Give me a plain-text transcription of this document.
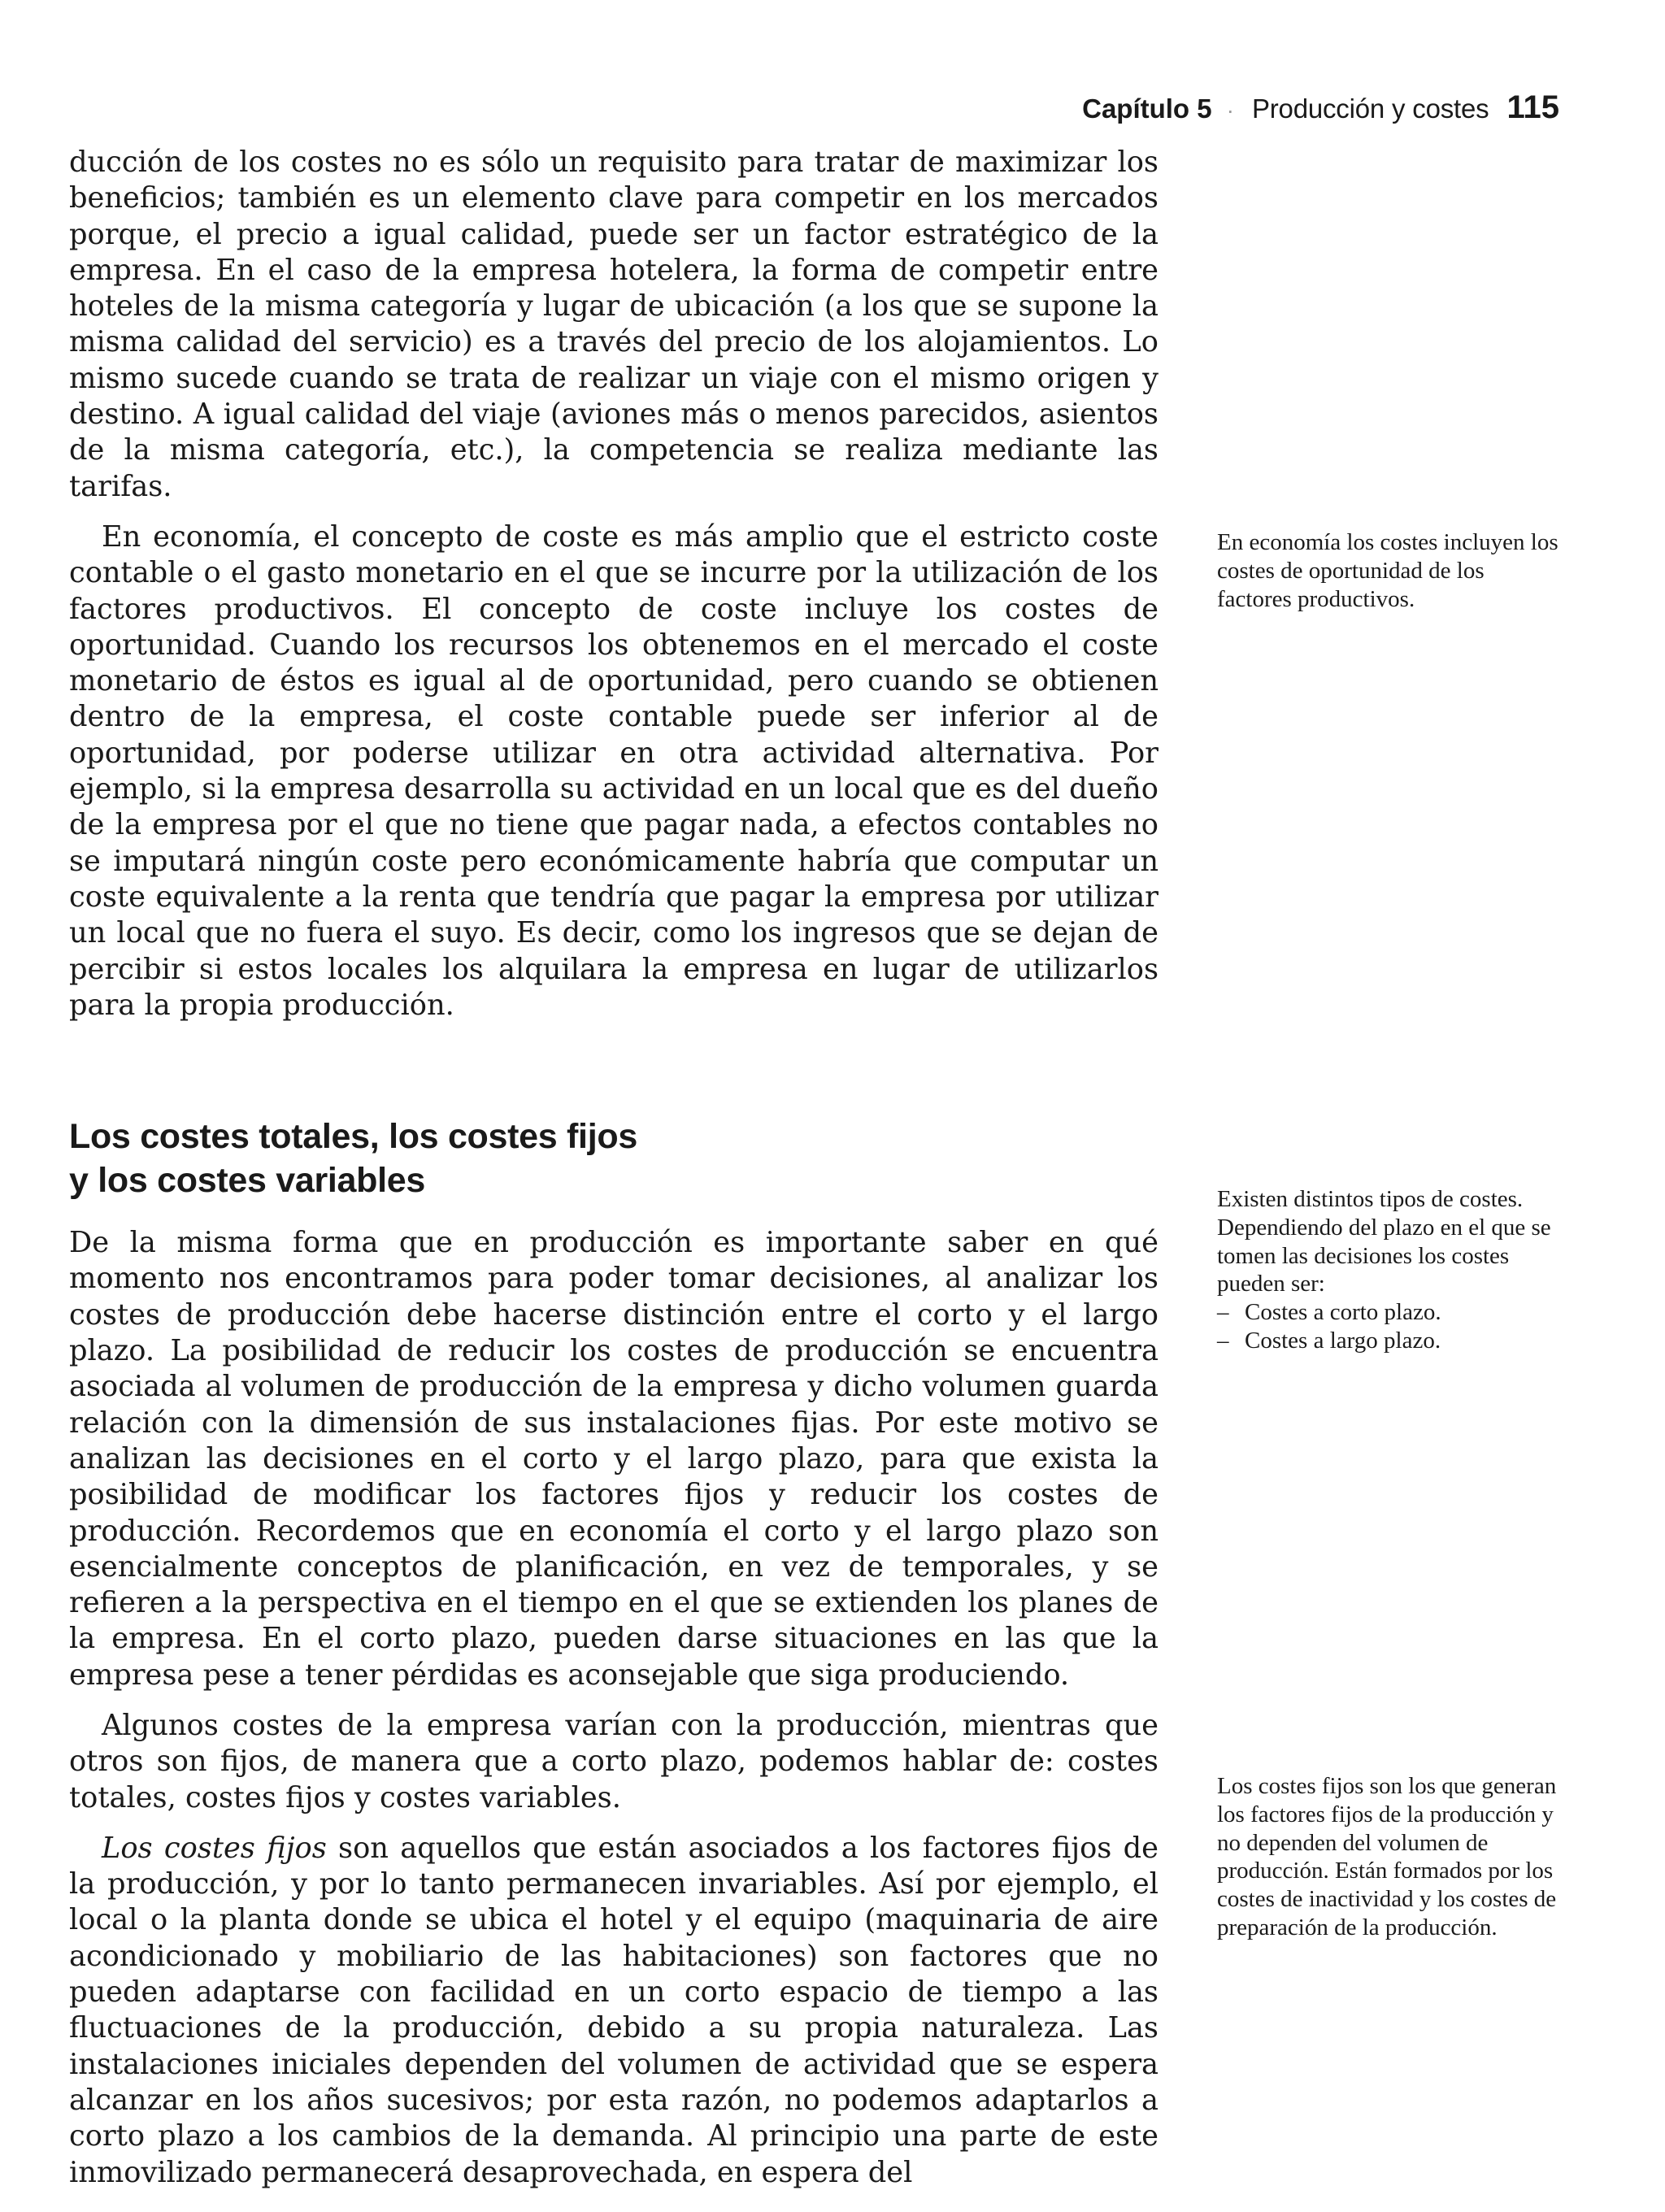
Capítulo 5 · Producción y costes 115

ducción de los costes no es sólo un requisito para tratar de maximizar los beneficios; también es un elemento clave para competir en los mercados porque, el precio a igual calidad, puede ser un factor estratégico de la empresa. En el caso de la empresa hotelera, la forma de competir entre hoteles de la misma categoría y lugar de ubicación (a los que se supone la misma calidad del servicio) es a través del precio de los alojamientos. Lo mismo sucede cuando se trata de realizar un viaje con el mismo origen y destino. A igual calidad del viaje (aviones más o menos parecidos, asientos de la misma categoría, etc.), la competencia se realiza mediante las tarifas.

En economía, el concepto de coste es más amplio que el estricto coste contable o el gasto monetario en el que se incurre por la utilización de los factores productivos. El concepto de coste incluye los costes de oportunidad. Cuando los recursos los obtenemos en el mercado el coste monetario de éstos es igual al de oportunidad, pero cuando se obtienen dentro de la empresa, el coste contable puede ser inferior al de oportunidad, por poderse utilizar en otra actividad alternativa. Por ejemplo, si la empresa desarrolla su actividad en un local que es del dueño de la empresa por el que no tiene que pagar nada, a efectos contables no se imputará ningún coste pero económicamente habría que computar un coste equivalente a la renta que tendría que pagar la empresa por utilizar un local que no fuera el suyo. Es decir, como los ingresos que se dejan de percibir si estos locales los alquilara la empresa en lugar de utilizarlos para la propia producción.

Los costes totales, los costes fijos
y los costes variables

De la misma forma que en producción es importante saber en qué momento nos encontramos para poder tomar decisiones, al analizar los costes de producción debe hacerse distinción entre el corto y el largo plazo. La posibilidad de reducir los costes de producción se encuentra asociada al volumen de producción de la empresa y dicho volumen guarda relación con la dimensión de sus instalaciones fijas. Por este motivo se analizan las decisiones en el corto y el largo plazo, para que exista la posibilidad de modificar los factores fijos y reducir los costes de producción. Recordemos que en economía el corto y el largo plazo son esencialmente conceptos de planificación, en vez de temporales, y se refieren a la perspectiva en el tiempo en el que se extienden los planes de la empresa. En el corto plazo, pueden darse situaciones en las que la empresa pese a tener pérdidas es aconsejable que siga produciendo.

Algunos costes de la empresa varían con la producción, mientras que otros son fijos, de manera que a corto plazo, podemos hablar de: costes totales, costes fijos y costes variables.

Los costes fijos son aquellos que están asociados a los factores fijos de la producción, y por lo tanto permanecen invariables. Así por ejemplo, el local o la planta donde se ubica el hotel y el equipo (maquinaria de aire acondicionado y mobiliario de las habitaciones) son factores que no pueden adaptarse con facilidad en un corto espacio de tiempo a las fluctuaciones de la producción, debido a su propia naturaleza. Las instalaciones iniciales dependen del volumen de actividad que se espera alcanzar en los años sucesivos; por esta razón, no podemos adaptarlos a corto plazo a los cambios de la demanda. Al principio una parte de este inmovilizado permanecerá desaprovechada, en espera del

En economía los costes incluyen los costes de oportunidad de los factores productivos.
Existen distintos tipos de costes. Dependiendo del plazo en el que se tomen las decisiones los costes pueden ser:
– Costes a corto plazo.
– Costes a largo plazo.
Los costes fijos son los que generan los factores fijos de la producción y no dependen del volumen de producción. Están formados por los costes de inactividad y los costes de preparación de la producción.
